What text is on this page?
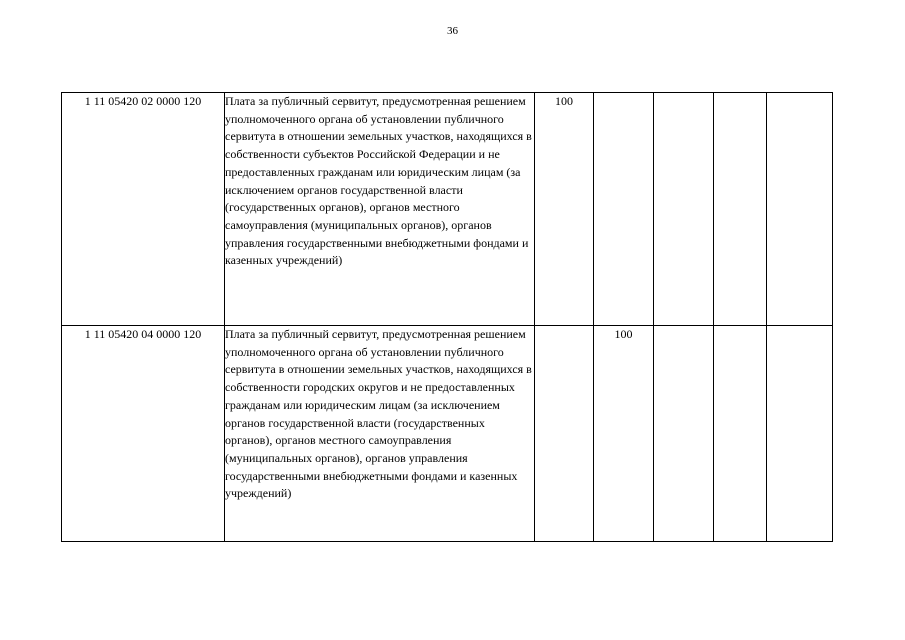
36
1 11 05420 02 0000 120	Плата за публичный сервитут, предусмотренная решением уполномоченного органа об установлении публичного сервитута в отношении земельных участков, находящихся в собственности субъектов Российской Федерации и не предоставленных гражданам или юридическим лицам (за исключением органов государственной власти (государственных органов), органов местного самоуправления (муниципальных органов), органов управления государственными внебюджетными фондами и казенных учреждений)	100				
1 11 05420 04 0000 120	Плата за публичный сервитут, предусмотренная решением уполномоченного органа об установлении публичного сервитута в отношении земельных участков, находящихся в собственности городских округов и не предоставленных гражданам или юридическим лицам (за исключением органов государственной власти (государственных органов), органов местного самоуправления (муниципальных органов), органов управления государственными внебюджетными фондами и казенных учреждений)		100			
